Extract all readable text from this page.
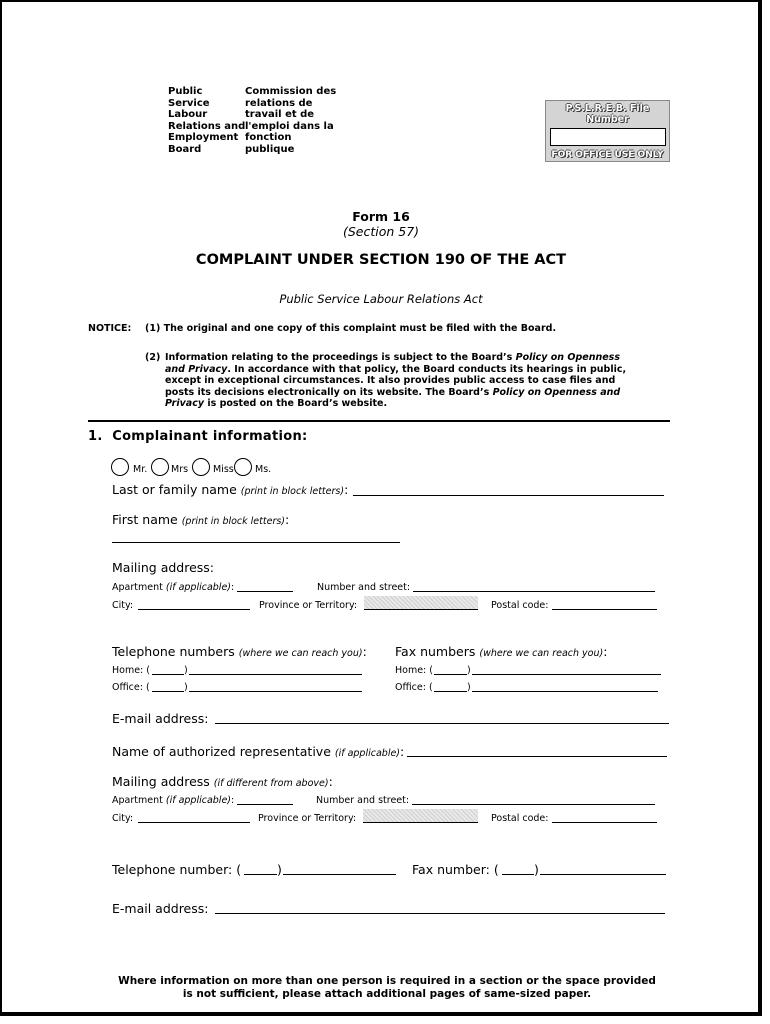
Public
Service
Labour
Relations and
Employment
Board
Commission des
relations de
travail et de
l'emploi dans la
fonction
publique
P.S.L.R.E.B. File Number
FOR OFFICE USE ONLY
Form 16
(Section 57)
COMPLAINT UNDER SECTION 190 OF THE ACT
Public Service Labour Relations Act
NOTICE: (1) The original and one copy of this complaint must be filed with the Board.
(2) Information relating to the proceedings is subject to the Board’s Policy on Openness and Privacy. In accordance with that policy, the Board conducts its hearings in public, except in exceptional circumstances. It also provides public access to case files and posts its decisions electronically on its website. The Board’s Policy on Openness and Privacy is posted on the Board’s website.
1.  Complainant information:
Mr.	Mrs	Miss Ms.
Last or family name (print in block letters):
First name (print in block letters):
Mailing address:
Apartment (if applicable):	Number and street:
City:	Province or Territory:	Postal code:
Telephone numbers (where we can reach you):
Home: (	)
Office: (	)
Fax numbers (where we can reach you):
Home: (	)
Office: (	)
E-mail address:
Name of authorized representative (if applicable):
Mailing address (if different from above):
Apartment (if applicable):	Number and street:
City:	Province or Territory:	Postal code:
Telephone number: (	)	Fax number: (	)
E-mail address:
Where information on more than one person is required in a section or the space provided
is not sufficient, please attach additional pages of same-sized paper.
